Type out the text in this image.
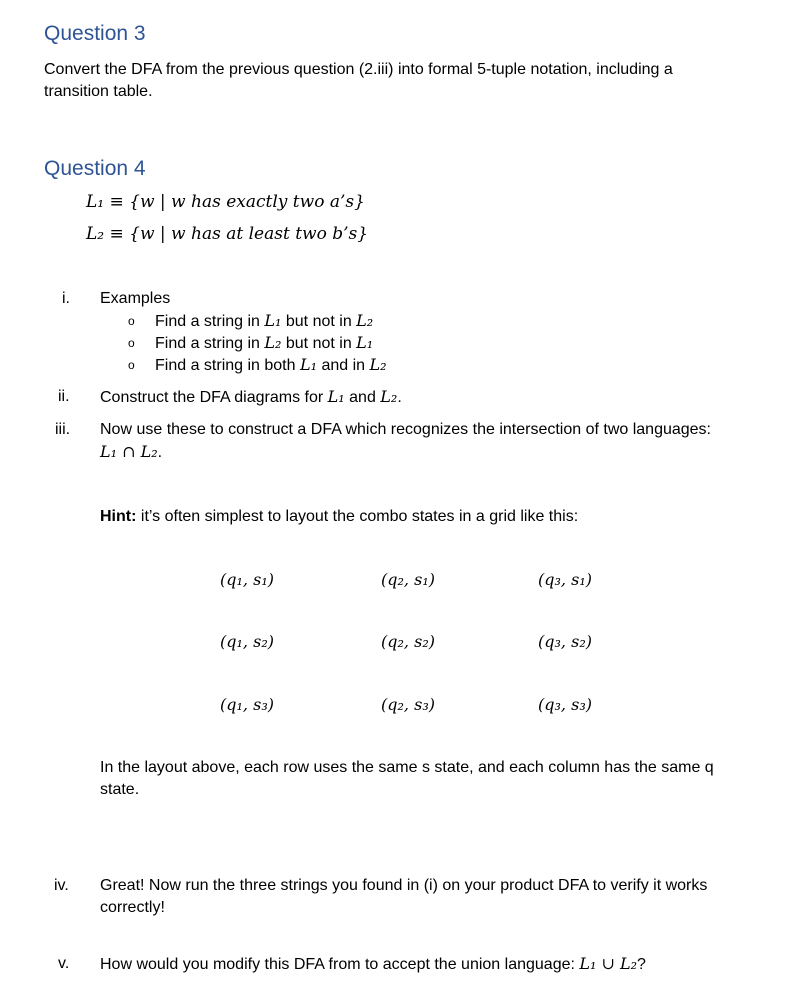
Question 3
Convert the DFA from the previous question (2.iii) into formal 5-tuple notation, including a
transition table.
Question 4
L₁ ≡ {w | w has exactly two a’s}
L₂ ≡ {w | w has at least two b’s}
i. Examples
o Find a string in L₁ but not in L₂
o Find a string in L₂ but not in L₁
o Find a string in both L₁ and in L₂
ii. Construct the DFA diagrams for L₁ and L₂.
iii. Now use these to construct a DFA which recognizes the intersection of two languages:
L₁ ∩ L₂.
Hint: it’s often simplest to layout the combo states in a grid like this:
(q₁, s₁)	(q₂, s₁)	(q₃, s₁)
(q₁, s₂)	(q₂, s₂)	(q₃, s₂)
(q₁, s₃)	(q₂, s₃)	(q₃, s₃)
In the layout above, each row uses the same s state, and each column has the same q
state.
iv. Great! Now run the three strings you found in (i) on your product DFA to verify it works
correctly!
v. How would you modify this DFA from to accept the union language: L₁ ∪ L₂?
